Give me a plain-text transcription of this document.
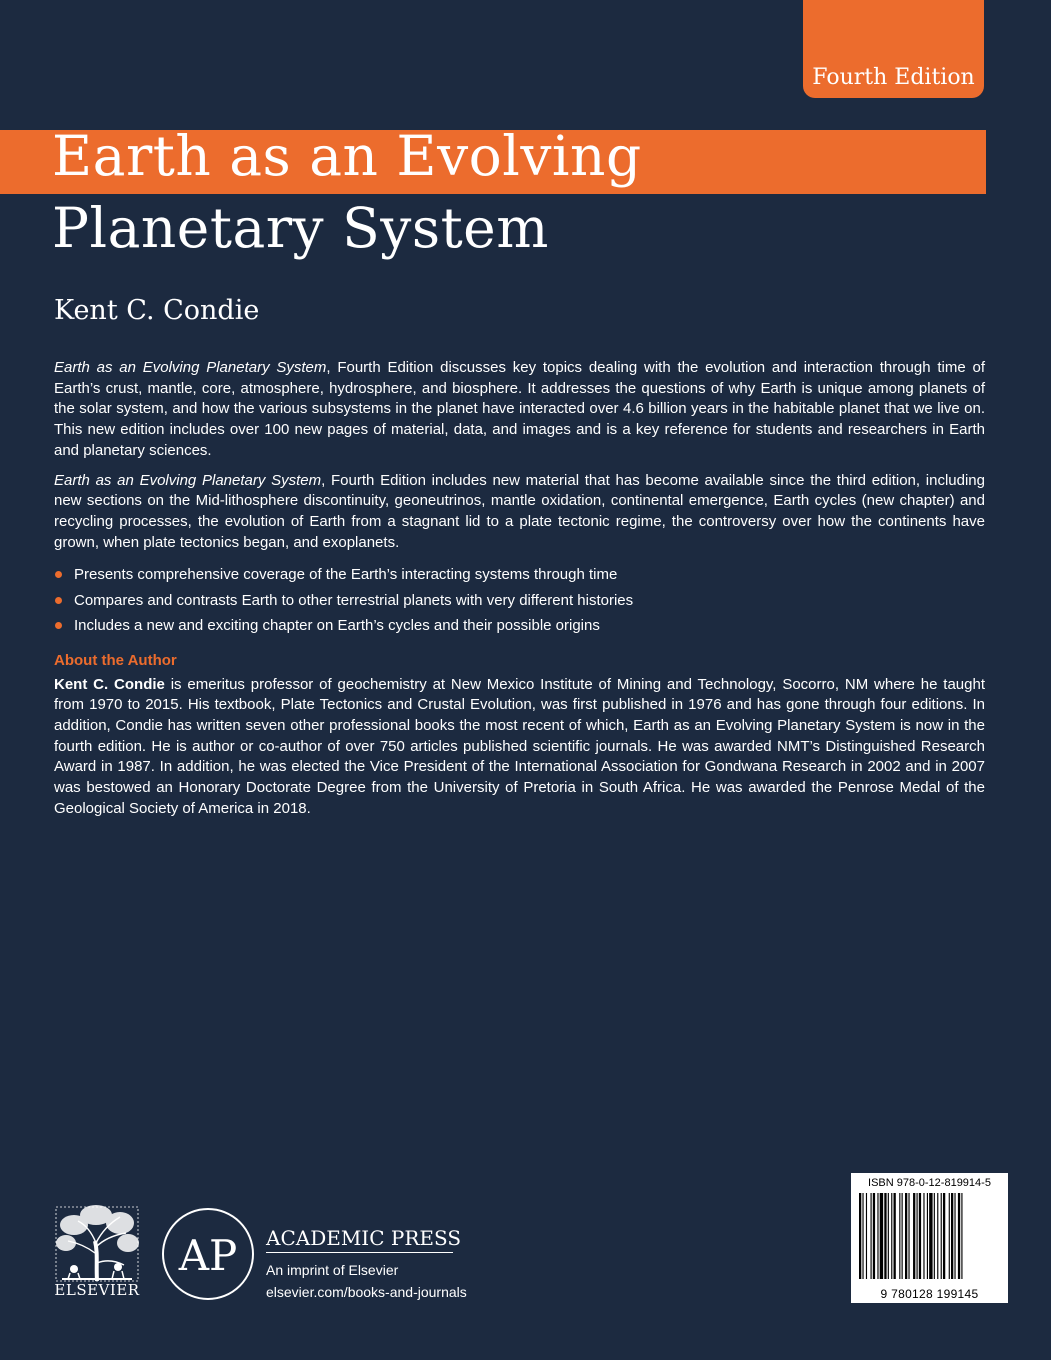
Fourth Edition
Earth as an Evolving
Planetary System
Kent C. Condie

Earth as an Evolving Planetary System, Fourth Edition discusses key topics dealing with the evolution and interaction through time of Earth’s crust, mantle, core, atmosphere, hydrosphere, and biosphere. It addresses the questions of why Earth is unique among planets of the solar system, and how the various subsystems in the planet have interacted over 4.6 billion years in the habitable planet that we live on. This new edition includes over 100 new pages of material, data, and images and is a key reference for students and researchers in Earth and planetary sciences.

Earth as an Evolving Planetary System, Fourth Edition includes new material that has become available since the third edition, including new sections on the Mid-lithosphere discontinuity, geoneutrinos, mantle oxidation, continental emergence, Earth cycles (new chapter) and recycling processes, the evolution of Earth from a stagnant lid to a plate tectonic regime, the controversy over how the continents have grown, when plate tectonics began, and exoplanets.

Presents comprehensive coverage of the Earth’s interacting systems through time
Compares and contrasts Earth to other terrestrial planets with very different histories
Includes a new and exciting chapter on Earth’s cycles and their possible origins
About the Author

Kent C. Condie is emeritus professor of geochemistry at New Mexico Institute of Mining and Technology, Socorro, NM where he taught from 1970 to 2015. His textbook, Plate Tectonics and Crustal Evolution, was first published in 1976 and has gone through four editions. In addition, Condie has written seven other professional books the most recent of which, Earth as an Evolving Planetary System is now in the fourth edition. He is author or co-author of over 750 articles published scientific journals. He was awarded NMT’s Distinguished Research Award in 1987. In addition, he was elected the Vice President of the International Association for Gondwana Research in 2002 and in 2007 was bestowed an Honorary Doctorate Degree from the University of Pretoria in South Africa. He was awarded the Penrose Medal of the Geological Society of America in 2018.

ELSEVIER
AP ACADEMIC PRESS
An imprint of Elsevier
elsevier.com/books-and-journals
ISBN 978-0-12-819914-5
9 780128 199145
